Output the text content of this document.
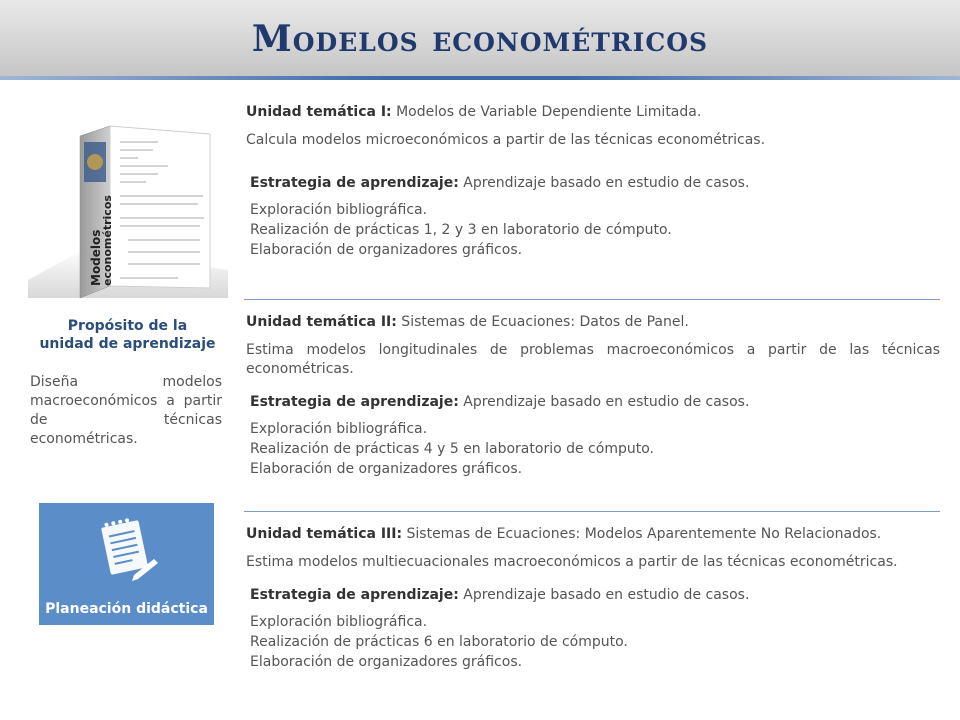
Modelos econométricos
Modelos
econométricos
Propósito de la
unidad de aprendizaje
Diseña modelos macroeconómicos a partir de técnicas econométricas.
Planeación didáctica

Unidad temática I: Modelos de Variable Dependiente Limitada.

Calcula modelos microeconómicos a partir de las técnicas econométricas.

Estrategia de aprendizaje: Aprendizaje basado en estudio de casos.

Exploración bibliográfica.
Realización de prácticas 1, 2 y 3 en laboratorio de cómputo.
Elaboración de organizadores gráficos.

Unidad temática II: Sistemas de Ecuaciones: Datos de Panel.

Estima modelos longitudinales de problemas macroeconómicos a partir de las técnicas econométricas.

Estrategia de aprendizaje: Aprendizaje basado en estudio de casos.

Exploración bibliográfica.
Realización de prácticas 4 y 5 en laboratorio de cómputo.
Elaboración de organizadores gráficos.

Unidad temática III: Sistemas de Ecuaciones: Modelos Aparentemente No Relacionados.

Estima modelos multiecuacionales macroeconómicos a partir de las técnicas econométricas.

Estrategia de aprendizaje: Aprendizaje basado en estudio de casos.

Exploración bibliográfica.
Realización de prácticas 6 en laboratorio de cómputo.
Elaboración de organizadores gráficos.
